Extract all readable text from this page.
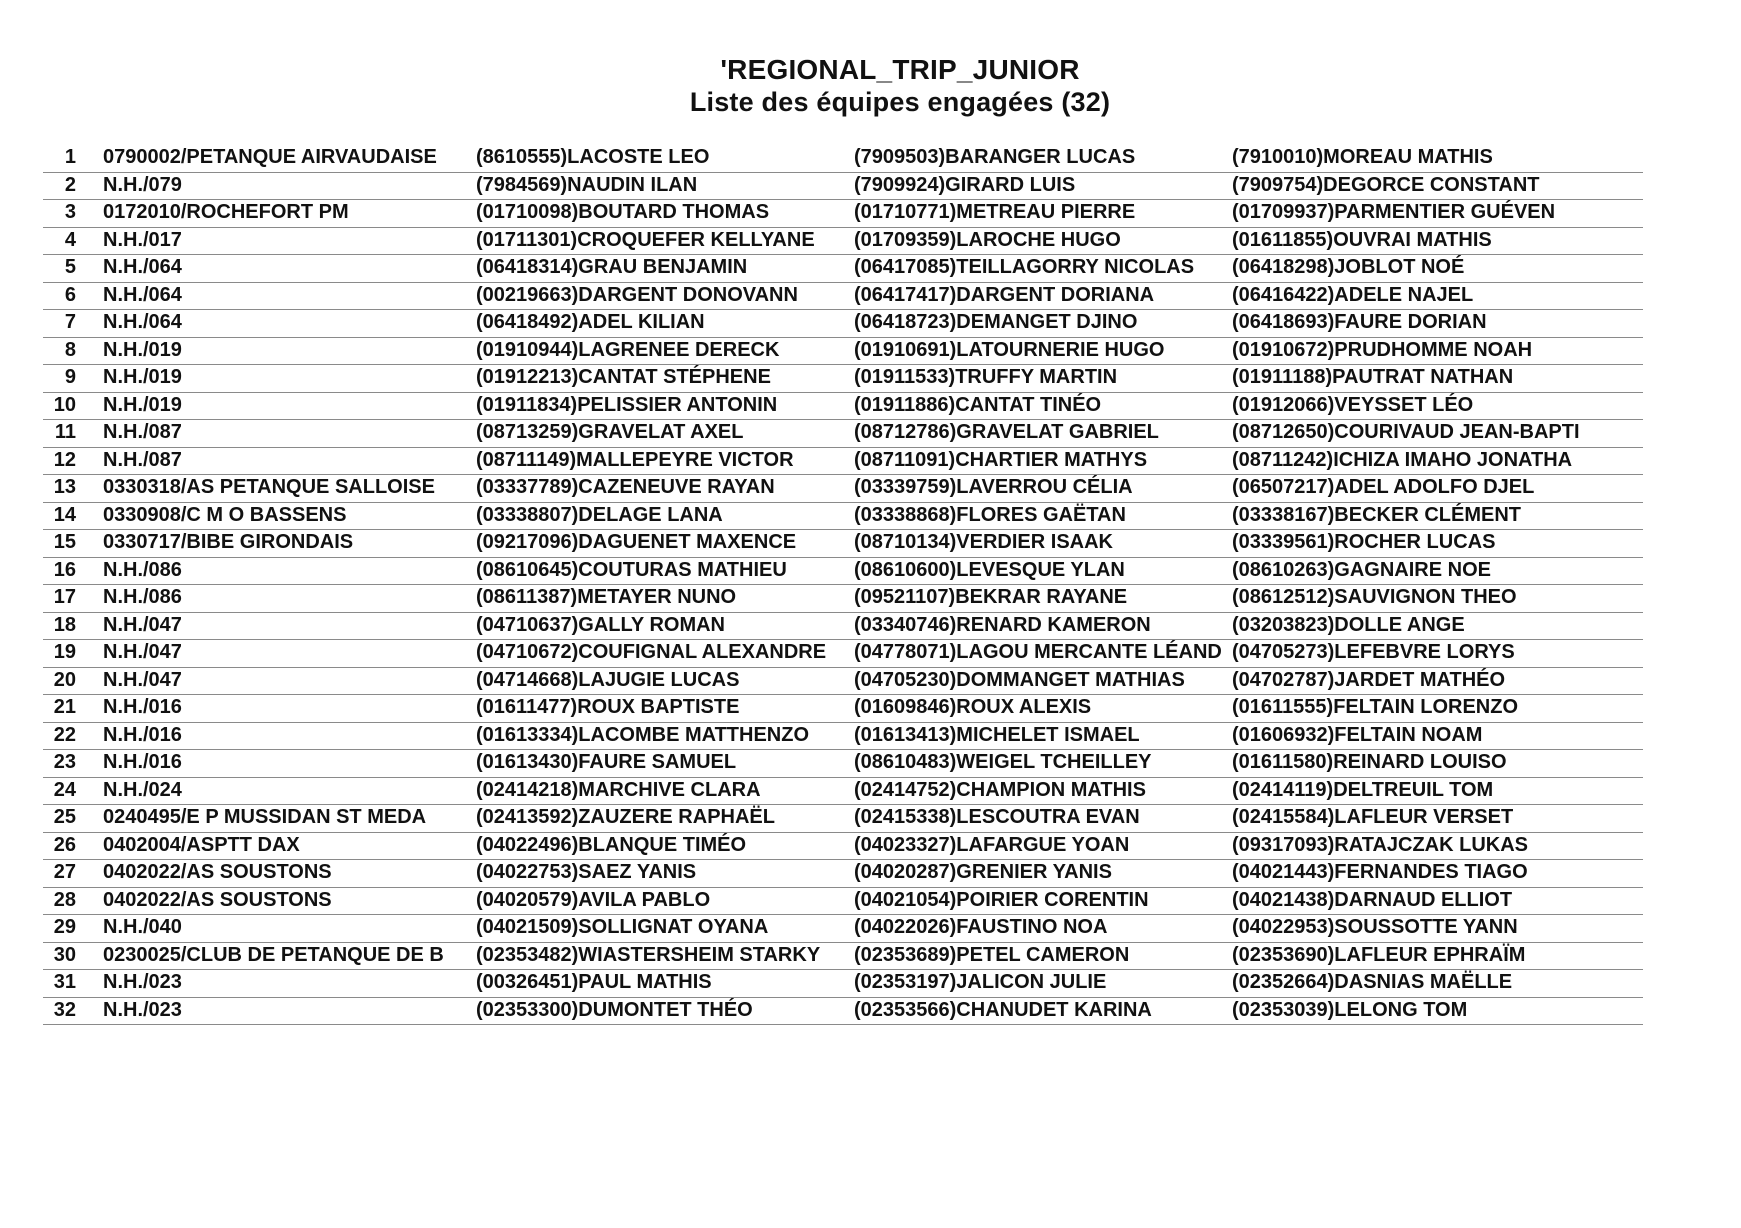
'REGIONAL_TRIP_JUNIOR
Liste des équipes engagées (32)
1 0790002/PETANQUE AIRVAUDAISE	(8610555)LACOSTE LEO	(7909503)BARANGER LUCAS	(7910010)MOREAU MATHIS
2 N.H./079	(7984569)NAUDIN ILAN	(7909924)GIRARD LUIS	(7909754)DEGORCE CONSTANT
3 0172010/ROCHEFORT PM	(01710098)BOUTARD THOMAS	(01710771)METREAU PIERRE	(01709937)PARMENTIER GUÉVEN
4 N.H./017	(01711301)CROQUEFER KELLYANE	(01709359)LAROCHE HUGO	(01611855)OUVRAI MATHIS
5 N.H./064	(06418314)GRAU BENJAMIN	(06417085)TEILLAGORRY NICOLAS	(06418298)JOBLOT NOÉ
6 N.H./064	(00219663)DARGENT DONOVANN	(06417417)DARGENT DORIANA	(06416422)ADELE NAJEL
7 N.H./064	(06418492)ADEL KILIAN	(06418723)DEMANGET DJINO	(06418693)FAURE DORIAN
8 N.H./019	(01910944)LAGRENEE DERECK	(01910691)LATOURNERIE HUGO	(01910672)PRUDHOMME NOAH
9 N.H./019	(01912213)CANTAT STÉPHENE	(01911533)TRUFFY MARTIN	(01911188)PAUTRAT NATHAN
10 N.H./019	(01911834)PELISSIER ANTONIN	(01911886)CANTAT TINÉO	(01912066)VEYSSET LÉO
11 N.H./087	(08713259)GRAVELAT AXEL	(08712786)GRAVELAT GABRIEL	(08712650)COURIVAUD JEAN-BAPTI
12 N.H./087	(08711149)MALLEPEYRE VICTOR	(08711091)CHARTIER MATHYS	(08711242)ICHIZA IMAHO JONATHA
13 0330318/AS PETANQUE SALLOISE	(03337789)CAZENEUVE RAYAN	(03339759)LAVERROU CÉLIA	(06507217)ADEL ADOLFO DJEL
14 0330908/C M O BASSENS	(03338807)DELAGE LANA	(03338868)FLORES GAËTAN	(03338167)BECKER CLÉMENT
15 0330717/BIBE GIRONDAIS	(09217096)DAGUENET MAXENCE	(08710134)VERDIER ISAAK	(03339561)ROCHER LUCAS
16 N.H./086	(08610645)COUTURAS MATHIEU	(08610600)LEVESQUE YLAN	(08610263)GAGNAIRE NOE
17 N.H./086	(08611387)METAYER NUNO	(09521107)BEKRAR RAYANE	(08612512)SAUVIGNON THEO
18 N.H./047	(04710637)GALLY ROMAN	(03340746)RENARD KAMERON	(03203823)DOLLE ANGE
19 N.H./047	(04710672)COUFIGNAL ALEXANDRE	(04778071)LAGOU MERCANTE LÉAND (04705273)LEFEBVRE LORYS
20 N.H./047	(04714668)LAJUGIE LUCAS	(04705230)DOMMANGET MATHIAS	(04702787)JARDET MATHÉO
21 N.H./016	(01611477)ROUX BAPTISTE	(01609846)ROUX ALEXIS	(01611555)FELTAIN LORENZO
22 N.H./016	(01613334)LACOMBE MATTHENZO	(01613413)MICHELET ISMAEL	(01606932)FELTAIN NOAM
23 N.H./016	(01613430)FAURE SAMUEL	(08610483)WEIGEL TCHEILLEY	(01611580)REINARD LOUISO
24 N.H./024	(02414218)MARCHIVE CLARA	(02414752)CHAMPION MATHIS	(02414119)DELTREUIL TOM
25 0240495/E P MUSSIDAN ST MEDA	(02413592)ZAUZERE RAPHAËL	(02415338)LESCOUTRA EVAN	(02415584)LAFLEUR VERSET
26 0402004/ASPTT DAX	(04022496)BLANQUE TIMÉO	(04023327)LAFARGUE YOAN	(09317093)RATAJCZAK LUKAS
27 0402022/AS SOUSTONS	(04022753)SAEZ YANIS	(04020287)GRENIER YANIS	(04021443)FERNANDES TIAGO
28 0402022/AS SOUSTONS	(04020579)AVILA PABLO	(04021054)POIRIER CORENTIN	(04021438)DARNAUD ELLIOT
29 N.H./040	(04021509)SOLLIGNAT OYANA	(04022026)FAUSTINO NOA	(04022953)SOUSSOTTE YANN
30 0230025/CLUB DE PETANQUE DE B	(02353482)WIASTERSHEIM STARKY	(02353689)PETEL CAMERON	(02353690)LAFLEUR EPHRAÏM
31 N.H./023	(00326451)PAUL MATHIS	(02353197)JALICON JULIE	(02352664)DASNIAS MAËLLE
32 N.H./023	(02353300)DUMONTET THÉO	(02353566)CHANUDET KARINA	(02353039)LELONG TOM
